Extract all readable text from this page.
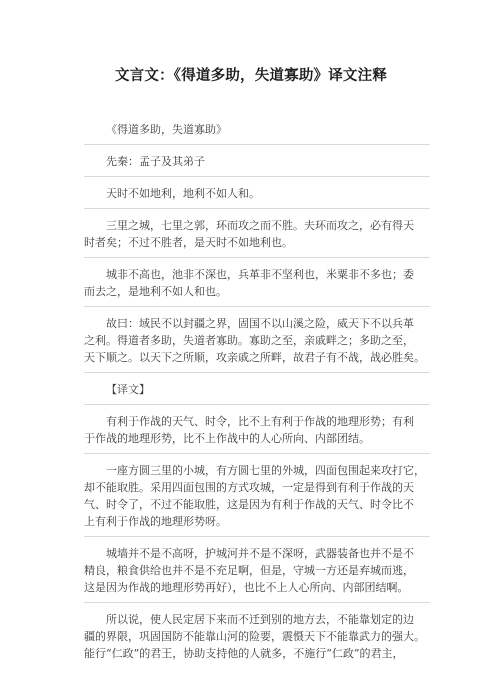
文言文：《得道多助，失道寡助》译文注释
《得道多助，失道寡助》
先秦：孟子及其弟子
天时不如地利，地利不如人和。
三里之城，七里之郭，环而攻之而不胜。夫环而攻之，必有得天
时者矣；不过不胜者，是天时不如地利也。
城非不高也，池非不深也，兵革非不坚利也，米粟非不多也；委
而去之，是地利不如人和也。
故曰：域民不以封疆之界，固国不以山溪之险，威天下不以兵革
之利。得道者多助，失道者寡助。寡助之至，亲戚畔之；多助之至，
天下顺之。以天下之所顺，攻亲戚之所畔，故君子有不战，战必胜矣。
【译文】
有利于作战的天气、时令，比不上有利于作战的地理形势；有利
于作战的地理形势，比不上作战中的人心所向、内部团结。
一座方圆三里的小城，有方圆七里的外城，四面包围起来攻打它，
却不能取胜。采用四面包围的方式攻城，一定是得到有利于作战的天
气、时令了，不过不能取胜，这是因为有利于作战的天气、时令比不
上有利于作战的地理形势呀。
城墙并不是不高呀，护城河并不是不深呀，武器装备也并不是不
精良，粮食供给也并不是不充足啊，但是，守城一方还是弃城而逃，
这是因为作战的地理形势再好），也比不上人心所向、内部团结啊。
所以说，使人民定居下来而不迁到别的地方去，不能靠划定的边
疆的界限，巩固国防不能靠山河的险要，震慑天下不能靠武力的强大。
能行“仁政”的君王，协助支持他的人就多，不施行“仁政”的君主，
